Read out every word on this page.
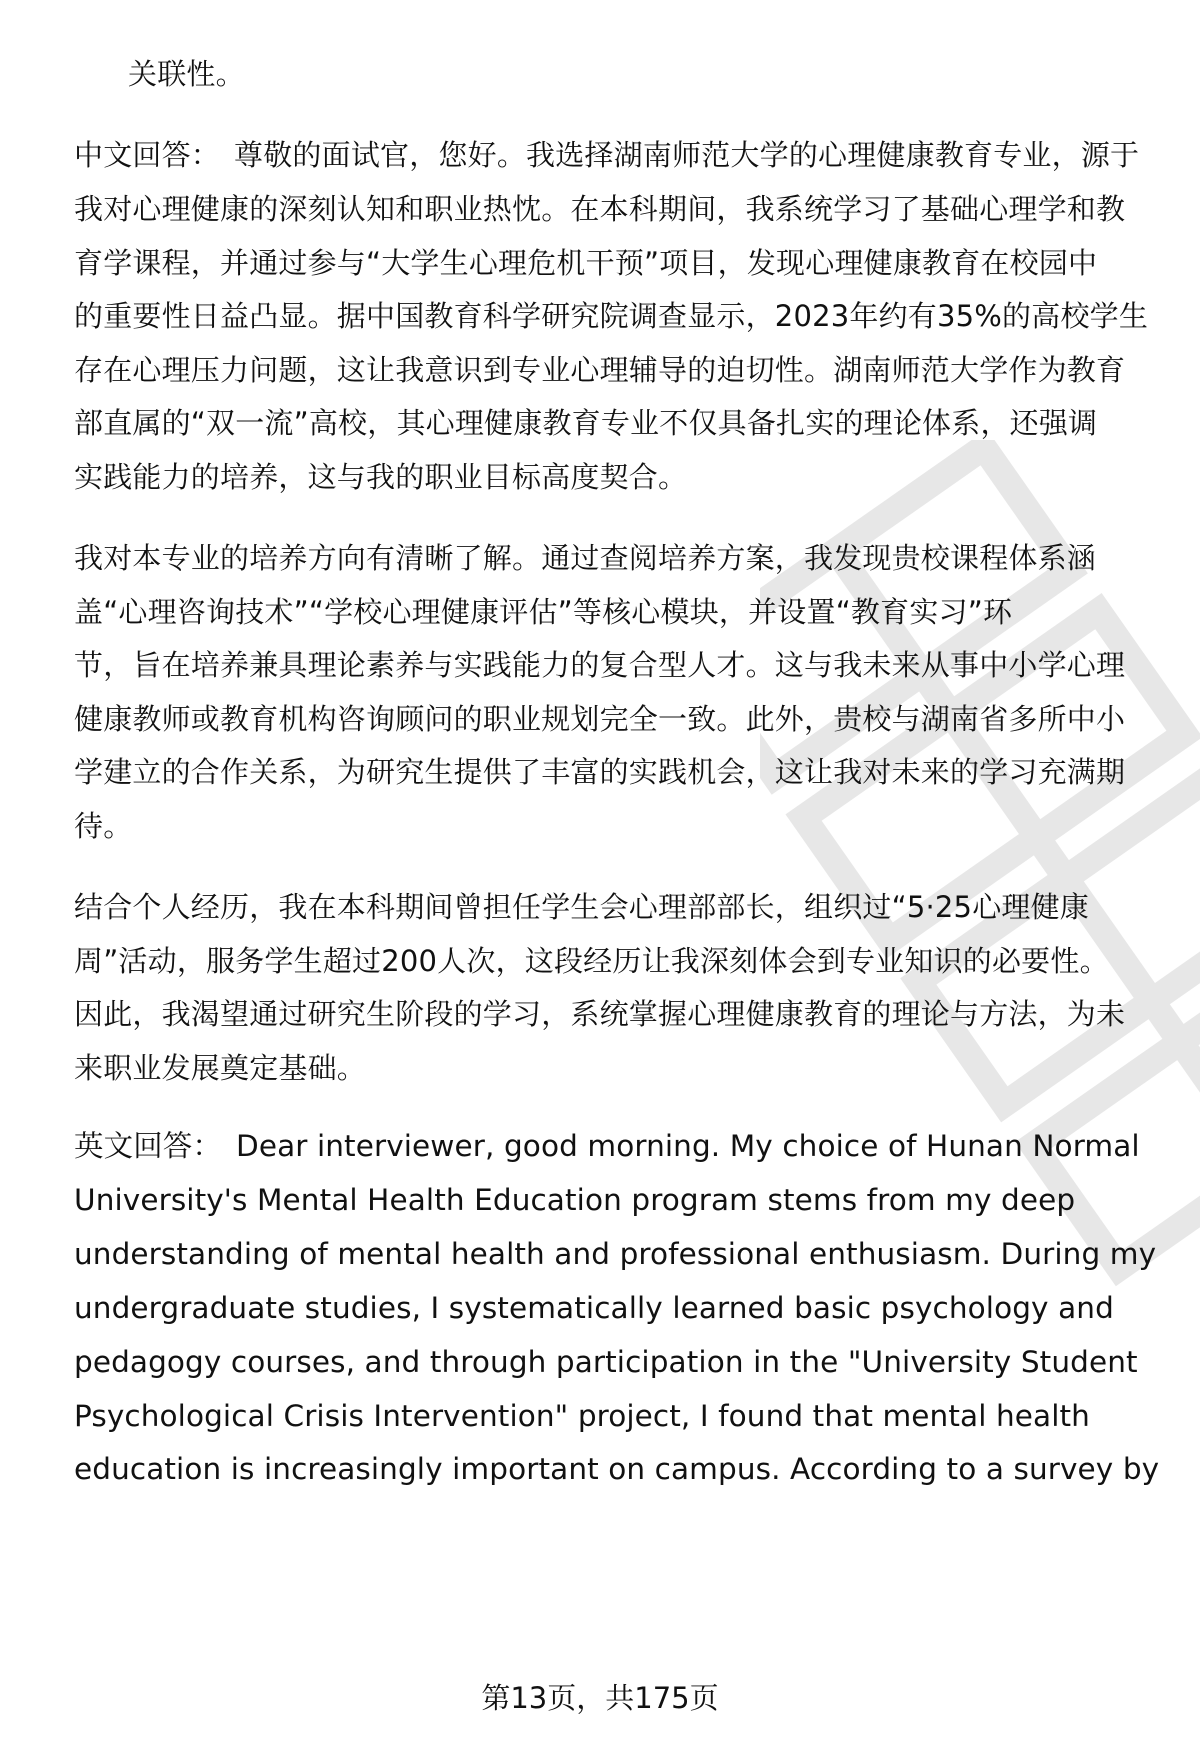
关联性。
中文回答： 尊敬的面试官，您好。我选择湖南师范大学的心理健康教育专业，源于
我对心理健康的深刻认知和职业热忱。在本科期间，我系统学习了基础心理学和教
育学课程，并通过参与“大学生心理危机干预”项目，发现心理健康教育在校园中
的重要性日益凸显。据中国教育科学研究院调查显示，2023年约有35%的高校学生
存在心理压力问题，这让我意识到专业心理辅导的迫切性。湖南师范大学作为教育
部直属的“双一流”高校，其心理健康教育专业不仅具备扎实的理论体系，还强调
实践能力的培养，这与我的职业目标高度契合。
我对本专业的培养方向有清晰了解。通过查阅培养方案，我发现贵校课程体系涵
盖“心理咨询技术”“学校心理健康评估”等核心模块，并设置“教育实习”环
节，旨在培养兼具理论素养与实践能力的复合型人才。这与我未来从事中小学心理
健康教师或教育机构咨询顾问的职业规划完全一致。此外，贵校与湖南省多所中小
学建立的合作关系，为研究生提供了丰富的实践机会，这让我对未来的学习充满期
待。
结合个人经历，我在本科期间曾担任学生会心理部部长，组织过“5·25心理健康
周”活动，服务学生超过200人次，这段经历让我深刻体会到专业知识的必要性。
因此，我渴望通过研究生阶段的学习，系统掌握心理健康教育的理论与方法，为未
来职业发展奠定基础。
英文回答： Dear interviewer, good morning. My choice of Hunan Normal
University's Mental Health Education program stems from my deep
understanding of mental health and professional enthusiasm. During my
undergraduate studies, I systematically learned basic psychology and
pedagogy courses, and through participation in the "University Student
Psychological Crisis Intervention" project, I found that mental health
education is increasingly important on campus. According to a survey by
第13页，共175页
